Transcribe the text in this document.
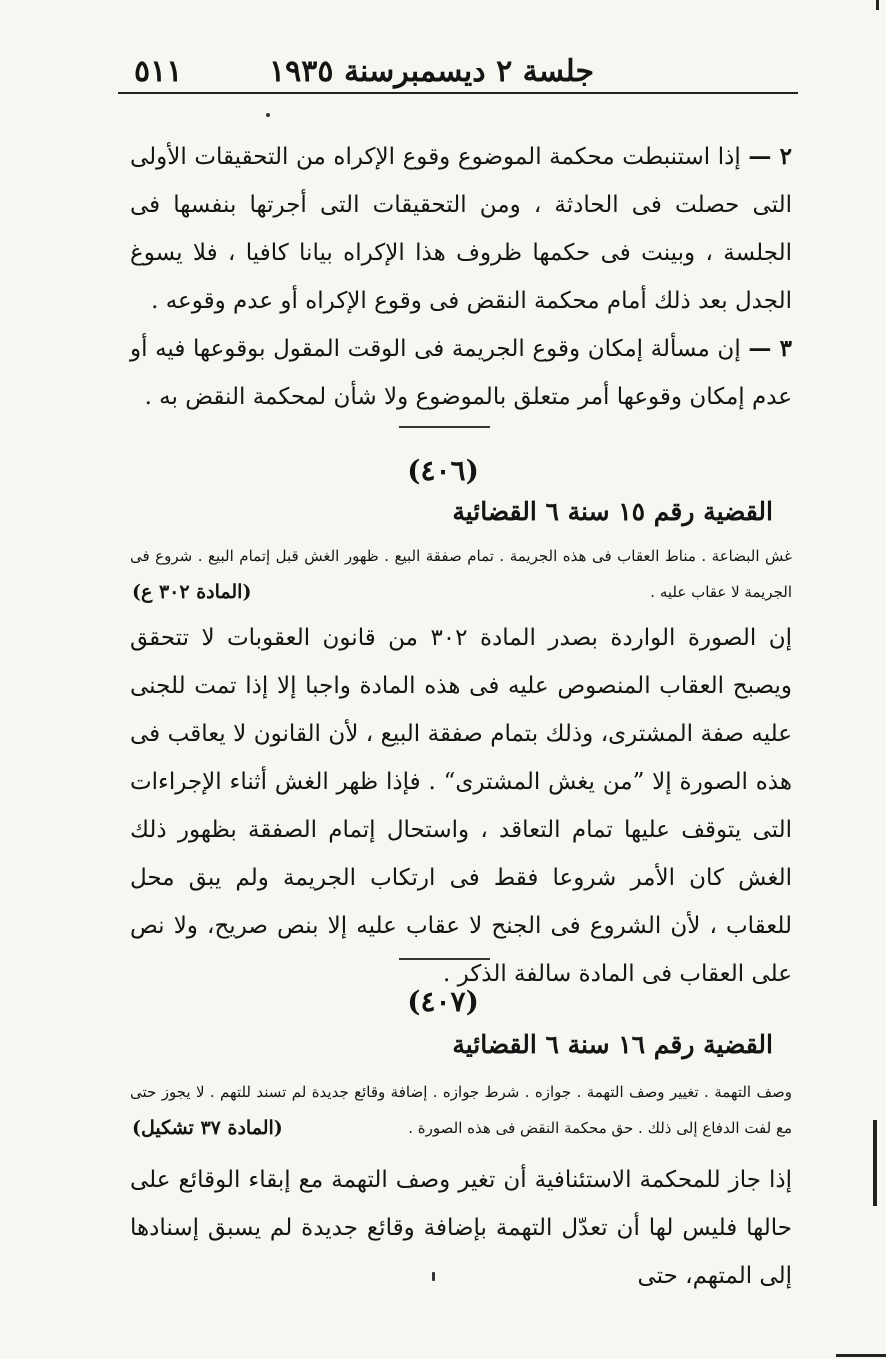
جلسة ٢ ديسمبرسنة ١٩٣٥
٥١١
٢ — إذا استنبطت محكمة الموضوع وقوع الإكراه من التحقيقات الأولى التى حصلت فى الحادثة ، ومن التحقيقات التى أجرتها بنفسها فى الجلسة ، وبينت فى حكمها ظروف هذا الإكراه بيانا كافيا ، فلا يسوغ الجدل بعد ذلك أمام محكمة النقض فى وقوع الإكراه أو عدم وقوعه .
٣ — إن مسألة إمكان وقوع الجريمة فى الوقت المقول بوقوعها فيه أو عدم إمكان وقوعها أمر متعلق بالموضوع ولا شأن لمحكمة النقض به .
(٤٠٦)
القضية رقم ١٥ سنة ٦ القضائية
غش البضاعة . مناط العقاب فى هذه الجريمة . تمام صفقة البيع . ظهور الغش قبل إتمام البيع . شروع فى الجريمة لا عقاب عليه .
(المادة ٣٠٢ ع)
إن الصورة الواردة بصدر المادة ٣٠٢ من قانون العقوبات لا تتحقق ويصبح العقاب المنصوص عليه فى هذه المادة واجبا إلا إذا تمت للجنى عليه صفة المشترى، وذلك بتمام صفقة البيع ، لأن القانون لا يعاقب فى هذه الصورة إلا ”من يغش المشترى“ . فإذا ظهر الغش أثناء الإجراءات التى يتوقف عليها تمام التعاقد ، واستحال إتمام الصفقة بظهور ذلك الغش كان الأمر شروعا فقط فى ارتكاب الجريمة ولم يبق محل للعقاب ، لأن الشروع فى الجنح لا عقاب عليه إلا بنص صريح، ولا نص على العقاب فى المادة سالفة الذكر .
(٤٠٧)
القضية رقم ١٦ سنة ٦ القضائية
وصف التهمة . تغيير وصف التهمة . جوازه . شرط جوازه . إضافة وقائع جديدة لم تسند للتهم . لا يجوز حتى مع لفت الدفاع إلى ذلك . حق محكمة النقض فى هذه الصورة .
(المادة ٣٧ تشكيل)
إذا جاز للمحكمة الاستئنافية أن تغير وصف التهمة مع إبقاء الوقائع على حالها فليس لها أن تعدّل التهمة بإضافة وقائع جديدة لم يسبق إسنادها إلى المتهم، حتى
